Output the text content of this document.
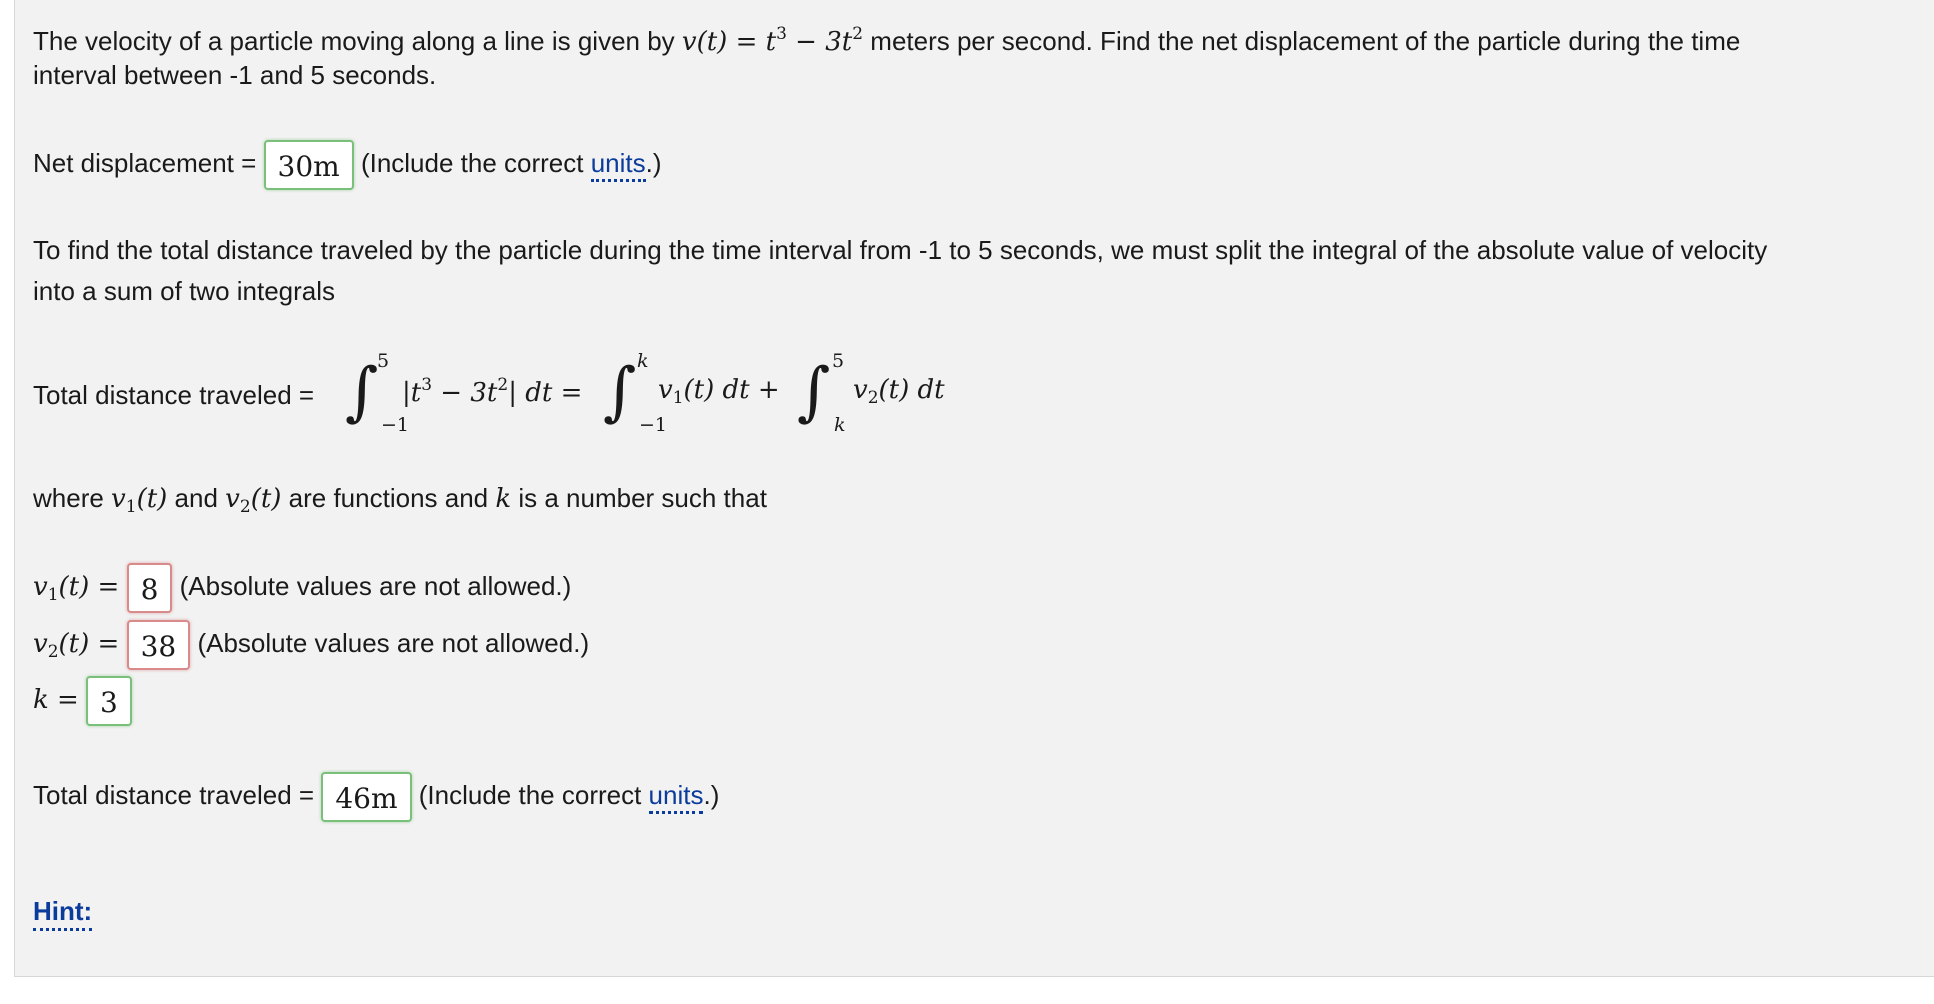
The velocity of a particle moving along a line is given by $v(t) = t^3 - 3t^2$ meters per second. Find the net displacement of the particle during the time
interval between -1 and 5 seconds.
Net displacement = 30m (Include the correct units.)
To find the total distance traveled by the particle during the time interval from -1 to 5 seconds, we must split the integral of the absolute value of velocity
into a sum of two integrals
Total distance traveled = ∫
5
−1
$|t^3 - 3t^2|$ dt = ∫ k
−1
$v_1(t)$ dt + ∫ 5
k
$v_2(t)$ dt
where $v_1(t)$ and $v_2(t)$ are functions and k is a number such that
$v_1(t) = 8$ (Absolute values are not allowed.)
$v_2(t) = 38$ (Absolute values are not allowed.)
k = 3
Total distance traveled = 46m (Include the correct units.)
Hint:
